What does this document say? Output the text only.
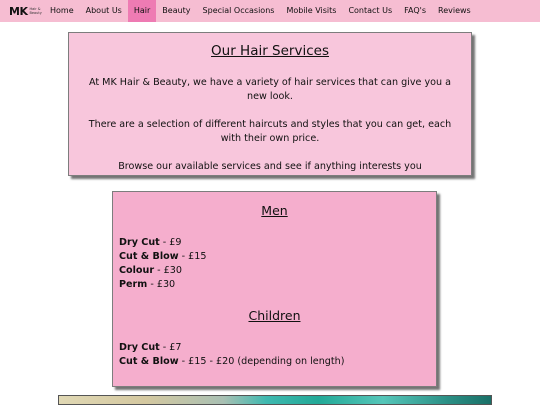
MK Hair &
Beauty	Home	About Us	Hair	Beauty	Special Occasions	Mobile Visits	Contact Us	FAQ's	Reviews
Our Hair Services

At MK Hair & Beauty, we have a variety of hair services that can give you a new look.

There are a selection of different haircuts and styles that you can get, each with their own price.

Browse our available services and see if anything interests you

Men
Dry Cut - £9
Cut & Blow - £15
Colour - £30
Perm - £30
Children
Dry Cut - £7
Cut & Blow - £15 - £20 (depending on length)
